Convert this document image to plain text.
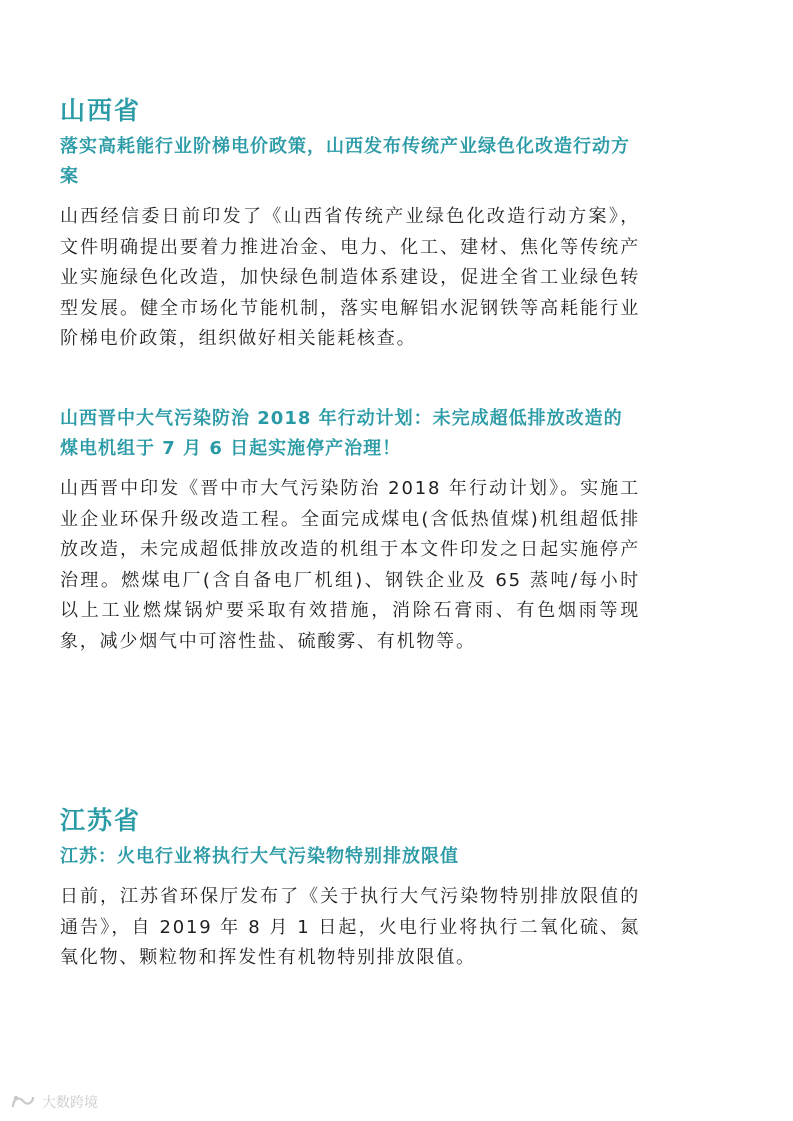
山西省
落实高耗能行业阶梯电价政策，山西发布传统产业绿色化改造行动方案

山西经信委日前印发了《山西省传统产业绿色化改造行动方案》，文件明确提出要着力推进冶金、电力、化工、建材、焦化等传统产业实施绿色化改造，加快绿色制造体系建设，促进全省工业绿色转型发展。健全市场化节能机制，落实电解铝水泥钢铁等高耗能行业阶梯电价政策，组织做好相关能耗核查。

山西晋中大气污染防治 2018 年行动计划：未完成超低排放改造的煤电机组于 7 月 6 日起实施停产治理！

山西晋中印发《晋中市大气污染防治 2018 年行动计划》。实施工业企业环保升级改造工程。全面完成煤电(含低热值煤)机组超低排放改造，未完成超低排放改造的机组于本文件印发之日起实施停产治理。燃煤电厂(含自备电厂机组)、钢铁企业及 65 蒸吨/每小时以上工业燃煤锅炉要采取有效措施，消除石膏雨、有色烟雨等现象，减少烟气中可溶性盐、硫酸雾、有机物等。

江苏省
江苏：火电行业将执行大气污染物特别排放限值

日前，江苏省环保厅发布了《关于执行大气污染物特别排放限值的通告》，自 2019 年 8 月 1 日起，火电行业将执行二氧化硫、氮氧化物、颗粒物和挥发性有机物特别排放限值。

大数跨境
